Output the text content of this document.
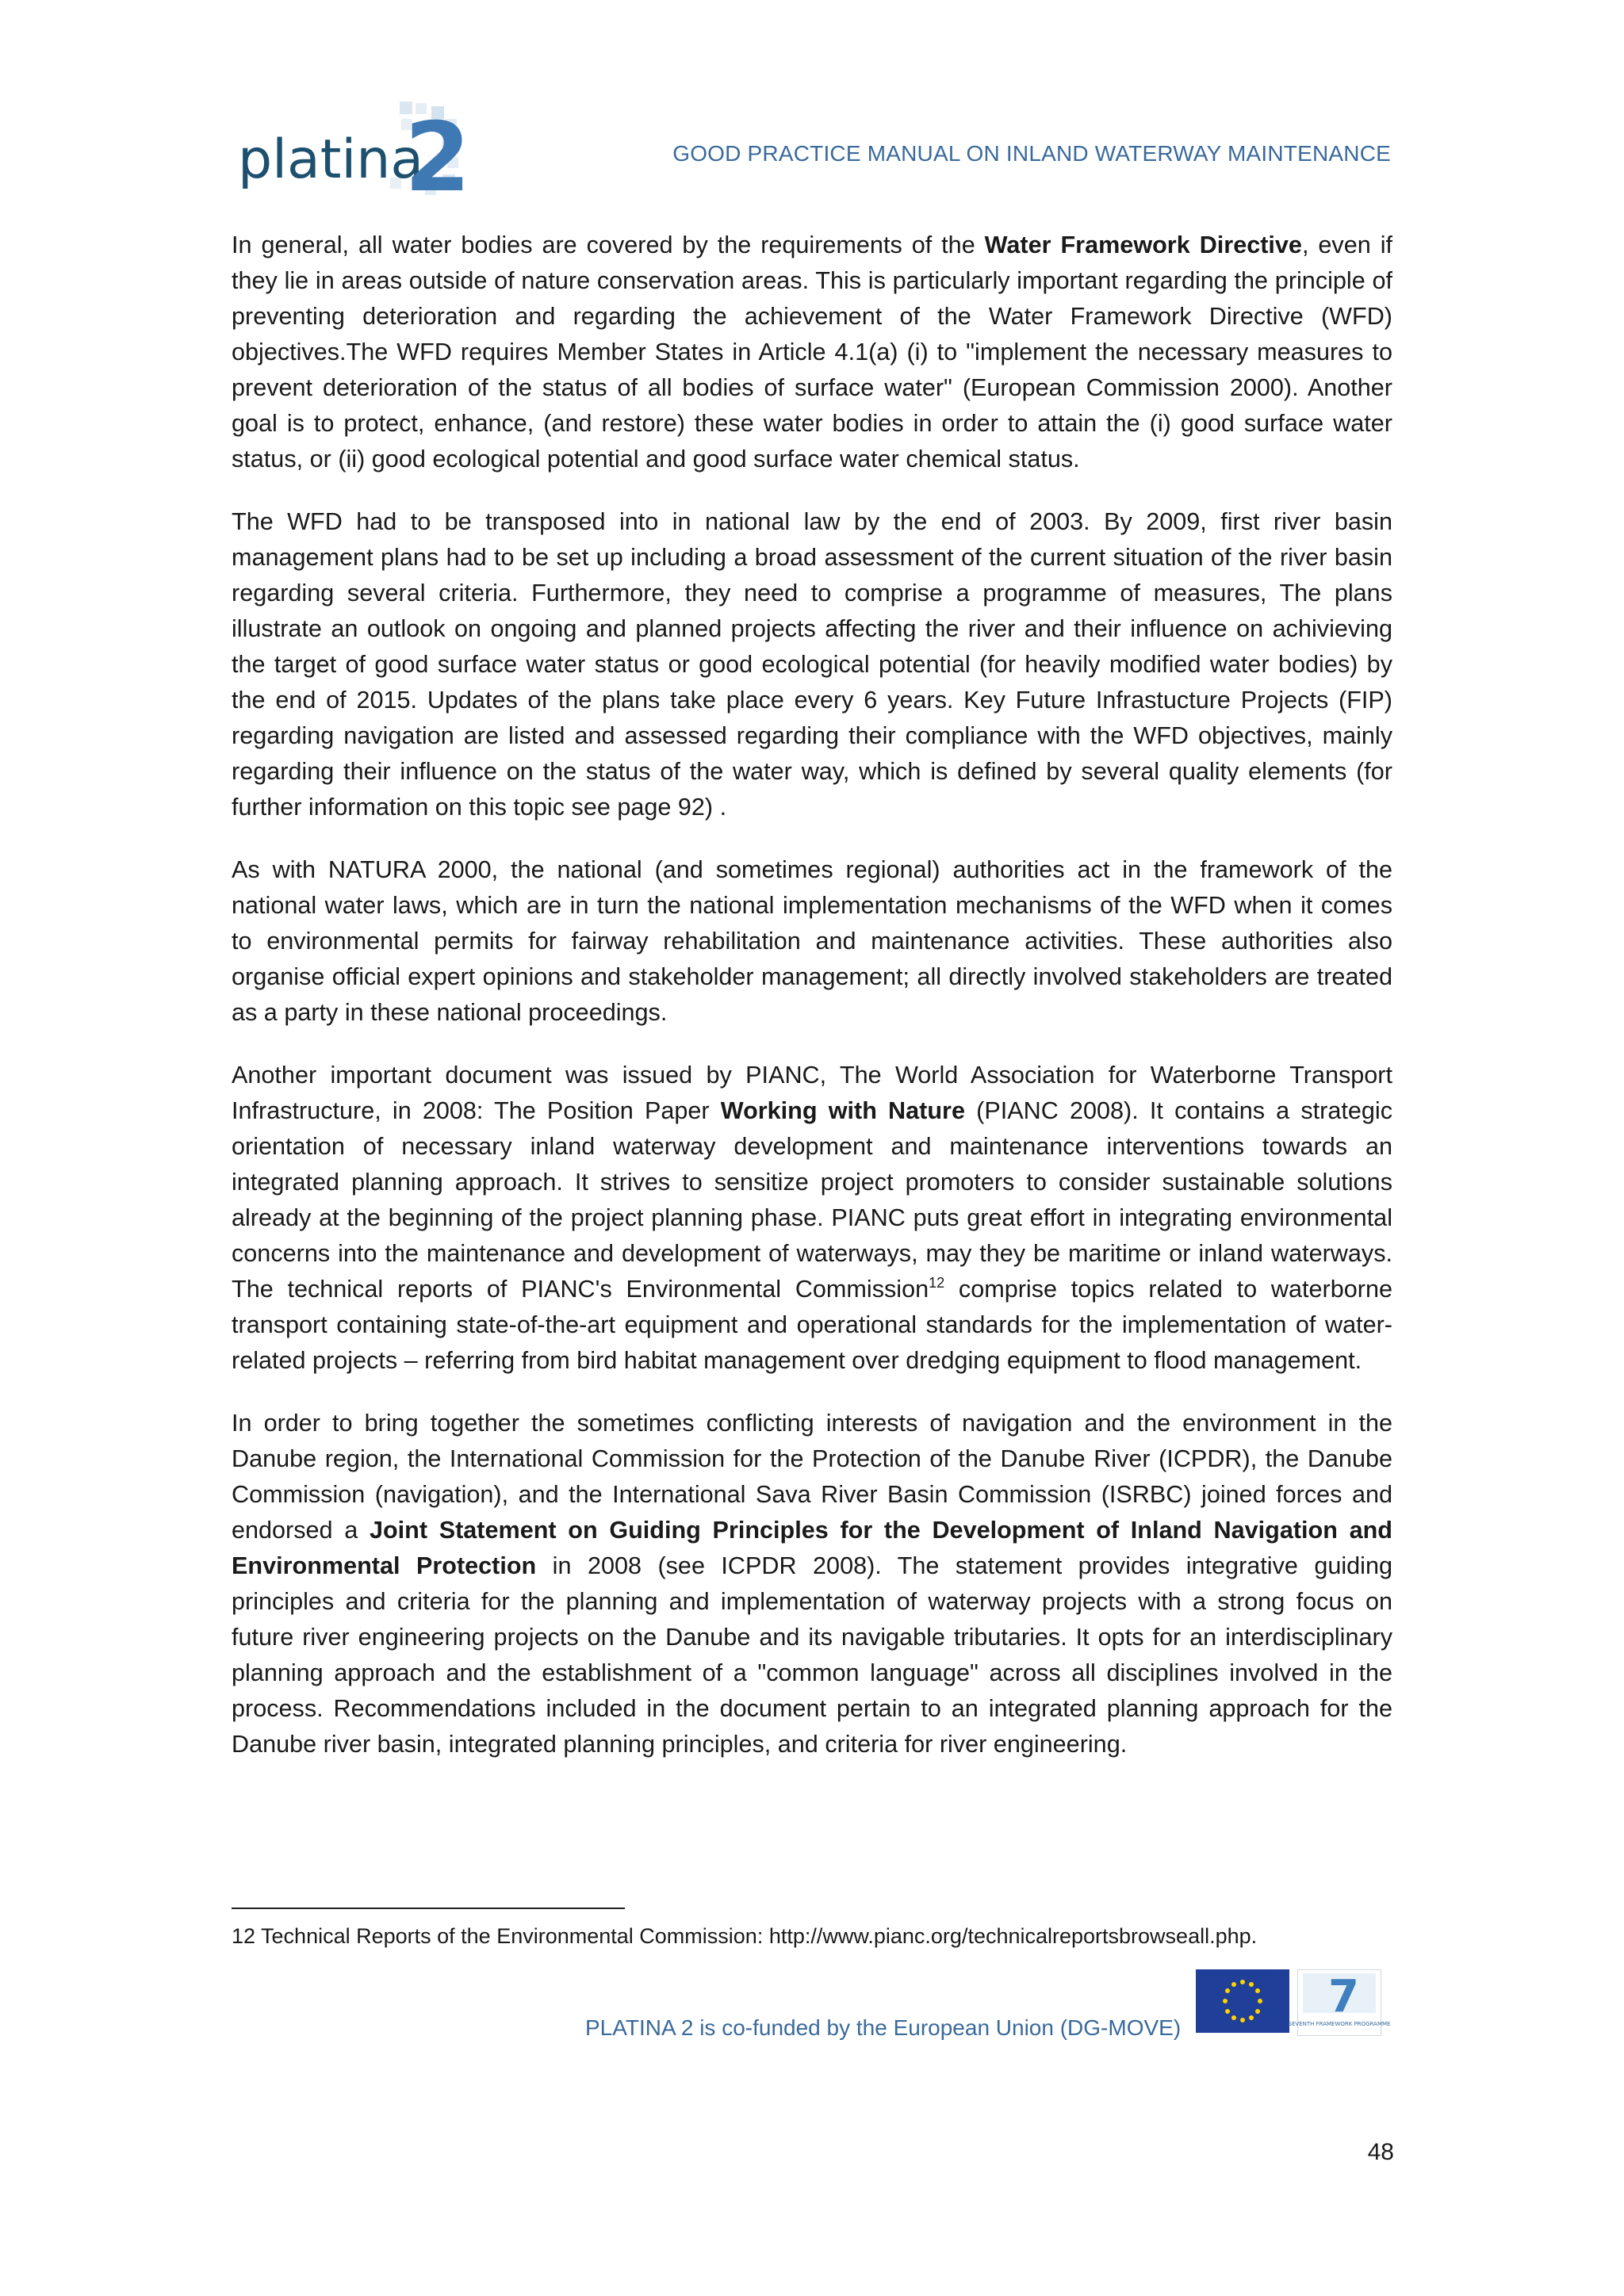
platina
2	GOOD PRACTICE MANUAL ON INLAND WATERWAY MAINTENANCE

In general, all water bodies are covered by the requirements of the Water Framework Directive, even if they lie in areas outside of nature conservation areas. This is particularly important regarding the principle of preventing deterioration and regarding the achievement of the Water Framework Directive (WFD) objectives.The WFD requires Member States in Article 4.1(a) (i) to "implement the necessary measures to prevent deterioration of the status of all bodies of surface water" (European Commission 2000). Another goal is to protect, enhance, (and restore) these water bodies in order to attain the (i) good surface water status, or (ii) good ecological potential and good surface water chemical status.

The WFD had to be transposed into in national law by the end of 2003. By 2009, first river basin management plans had to be set up including a broad assessment of the current situation of the river basin regarding several criteria. Furthermore, they need to comprise a programme of measures, The plans illustrate an outlook on ongoing and planned projects affecting the river and their influence on achivieving the target of good surface water status or good ecological potential (for heavily modified water bodies) by the end of 2015. Updates of the plans take place every 6 years. Key Future Infrastucture Projects (FIP) regarding navigation are listed and assessed regarding their compliance with the WFD objectives, mainly regarding their influence on the status of the water way, which is defined by several quality elements (for further information on this topic see page 92) .

As with NATURA 2000, the national (and sometimes regional) authorities act in the framework of the national water laws, which are in turn the national implementation mechanisms of the WFD when it comes to environmental permits for fairway rehabilitation and maintenance activities. These authorities also organise official expert opinions and stakeholder management; all directly involved stakeholders are treated as a party in these national proceedings.

Another important document was issued by PIANC, The World Association for Waterborne Transport Infrastructure, in 2008: The Position Paper Working with Nature (PIANC 2008). It contains a strategic orientation of necessary inland waterway development and maintenance interventions towards an integrated planning approach. It strives to sensitize project promoters to consider sustainable solutions already at the beginning of the project planning phase. PIANC puts great effort in integrating environmental concerns into the maintenance and development of waterways, may they be maritime or inland waterways. The technical reports of PIANC's Environmental Commission$^{12}$ comprise topics related to waterborne transport containing state-of-the-art equipment and operational standards for the implementation of water-related projects – referring from bird habitat management over dredging equipment to flood management.

In order to bring together the sometimes conflicting interests of navigation and the environment in the Danube region, the International Commission for the Protection of the Danube River (ICPDR), the Danube Commission (navigation), and the International Sava River Basin Commission (ISRBC) joined forces and endorsed a Joint Statement on Guiding Principles for the Development of Inland Navigation and Environmental Protection in 2008 (see ICPDR 2008). The statement provides integrative guiding principles and criteria for the planning and implementation of waterway projects with a strong focus on future river engineering projects on the Danube and its navigable tributaries. It opts for an interdisciplinary planning approach and the establishment of a "common language" across all disciplines involved in the process. Recommendations included in the document pertain to an integrated planning approach for the Danube river basin, integrated planning principles, and criteria for river engineering.

12 Technical Reports of the Environmental Commission: http://www.pianc.org/technicalreportsbrowseall.php.
PLATINA 2 is co-funded by the European Union (DG-MOVE)
7
SEVENTH FRAMEWORK PROGRAMME
48
